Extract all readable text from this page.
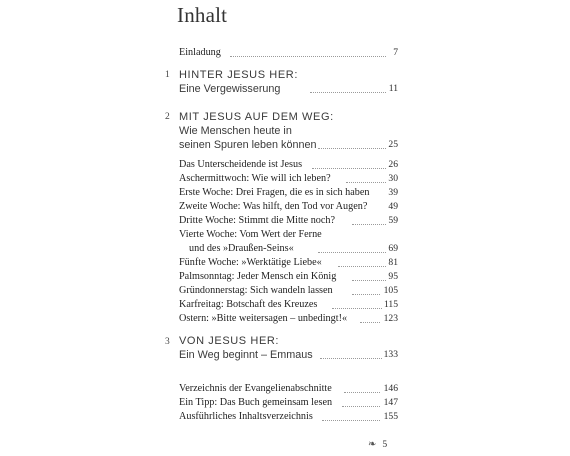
Inhalt
Einladung	7
1 HINTER JESUS HER:
Eine Vergewisserung	11
2 MIT JESUS AUF DEM WEG:
Wie Menschen heute in
seinen Spuren leben können	25
Das Unterscheidende ist Jesus	26
Aschermittwoch: Wie will ich leben?	30
Erste Woche: Drei Fragen, die es in sich haben	39
Zweite Woche: Was hilft, den Tod vor Augen?	49
Dritte Woche: Stimmt die Mitte noch?	59
Vierte Woche: Vom Wert der Ferne
und des »Draußen-Seins«	69
Fünfte Woche: »Werktätige Liebe«	81
Palmsonntag: Jeder Mensch ein König	95
Gründonnerstag: Sich wandeln lassen	105
Karfreitag: Botschaft des Kreuzes	115
Ostern: »Bitte weitersagen – unbedingt!«	123
3 VON JESUS HER:
Ein Weg beginnt – Emmaus	133
Verzeichnis der Evangelienabschnitte	146
Ein Tipp: Das Buch gemeinsam lesen	147
Ausführliches Inhaltsverzeichnis	155
❧ 5
